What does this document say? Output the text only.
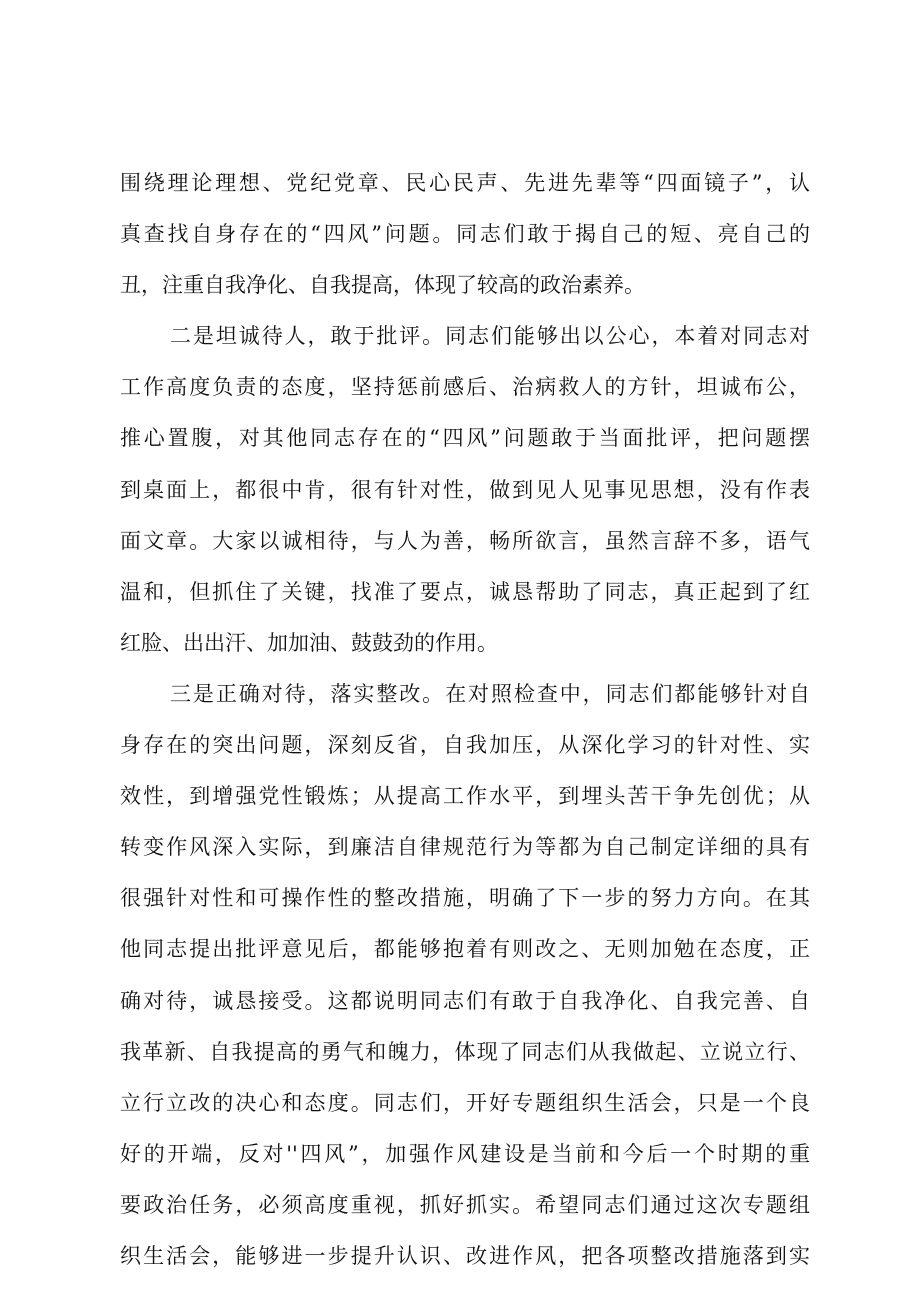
围绕理论理想、党纪党章、民心民声、先进先辈等“四面镜子”，认
真查找自身存在的“四风”问题。同志们敢于揭自己的短、亮自己的
丑，注重自我净化、自我提高，体现了较高的政治素养。
二是坦诚待人，敢于批评。同志们能够出以公心，本着对同志对
工作高度负责的态度，坚持惩前感后、治病救人的方针，坦诚布公，
推心置腹，对其他同志存在的“四风”问题敢于当面批评，把问题摆
到桌面上，都很中肯，很有针对性，做到见人见事见思想，没有作表
面文章。大家以诚相待，与人为善，畅所欲言，虽然言辞不多，语气
温和，但抓住了关键，找准了要点，诚恳帮助了同志，真正起到了红
红脸、出出汗、加加油、鼓鼓劲的作用。
三是正确对待，落实整改。在对照检查中，同志们都能够针对自
身存在的突出问题，深刻反省，自我加压，从深化学习的针对性、实
效性，到增强党性锻炼；从提高工作水平，到埋头苦干争先创优；从
转变作风深入实际，到廉洁自律规范行为等都为自己制定详细的具有
很强针对性和可操作性的整改措施，明确了下一步的努力方向。在其
他同志提出批评意见后，都能够抱着有则改之、无则加勉在态度，正
确对待，诚恳接受。这都说明同志们有敢于自我净化、自我完善、自
我革新、自我提高的勇气和魄力，体现了同志们从我做起、立说立行、
立行立改的决心和态度。同志们，开好专题组织生活会，只是一个良
好的开端，反对''四风”，加强作风建设是当前和今后一个时期的重
要政治任务，必须高度重视，抓好抓实。希望同志们通过这次专题组
织生活会，能够进一步提升认识、改进作风，把各项整改措施落到实
